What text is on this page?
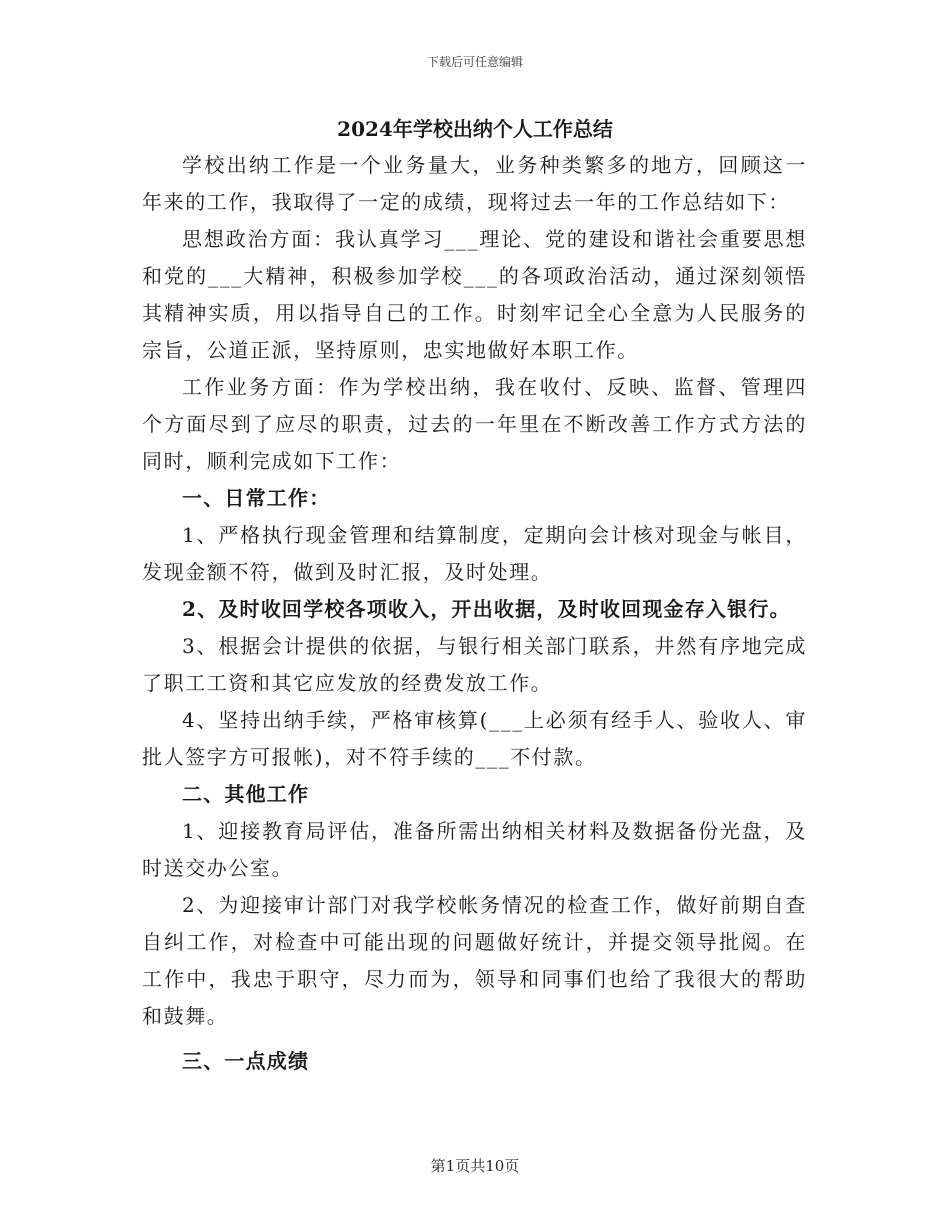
下载后可任意编辑
2024年学校出纳个人工作总结

学校出纳工作是一个业务量大，业务种类繁多的地方，回顾这一年来的工作，我取得了一定的成绩，现将过去一年的工作总结如下：

思想政治方面：我认真学习___理论、党的建设和谐社会重要思想和党的___大精神，积极参加学校___的各项政治活动，通过深刻领悟其精神实质，用以指导自己的工作。时刻牢记全心全意为人民服务的宗旨，公道正派，坚持原则，忠实地做好本职工作。

工作业务方面：作为学校出纳，我在收付、反映、监督、管理四个方面尽到了应尽的职责，过去的一年里在不断改善工作方式方法的同时，顺利完成如下工作：

一、日常工作：

1、严格执行现金管理和结算制度，定期向会计核对现金与帐目，发现金额不符，做到及时汇报，及时处理。

2、及时收回学校各项收入，开出收据，及时收回现金存入银行。

3、根据会计提供的依据，与银行相关部门联系，井然有序地完成了职工工资和其它应发放的经费发放工作。

4、坚持出纳手续，严格审核算(___上必须有经手人、验收人、审批人签字方可报帐)，对不符手续的___不付款。

二、其他工作

1、迎接教育局评估，准备所需出纳相关材料及数据备份光盘，及时送交办公室。

2、为迎接审计部门对我学校帐务情况的检查工作，做好前期自查自纠工作，对检查中可能出现的问题做好统计，并提交领导批阅。在工作中，我忠于职守，尽力而为，领导和同事们也给了我很大的帮助和鼓舞。

三、一点成绩

第1页共10页
